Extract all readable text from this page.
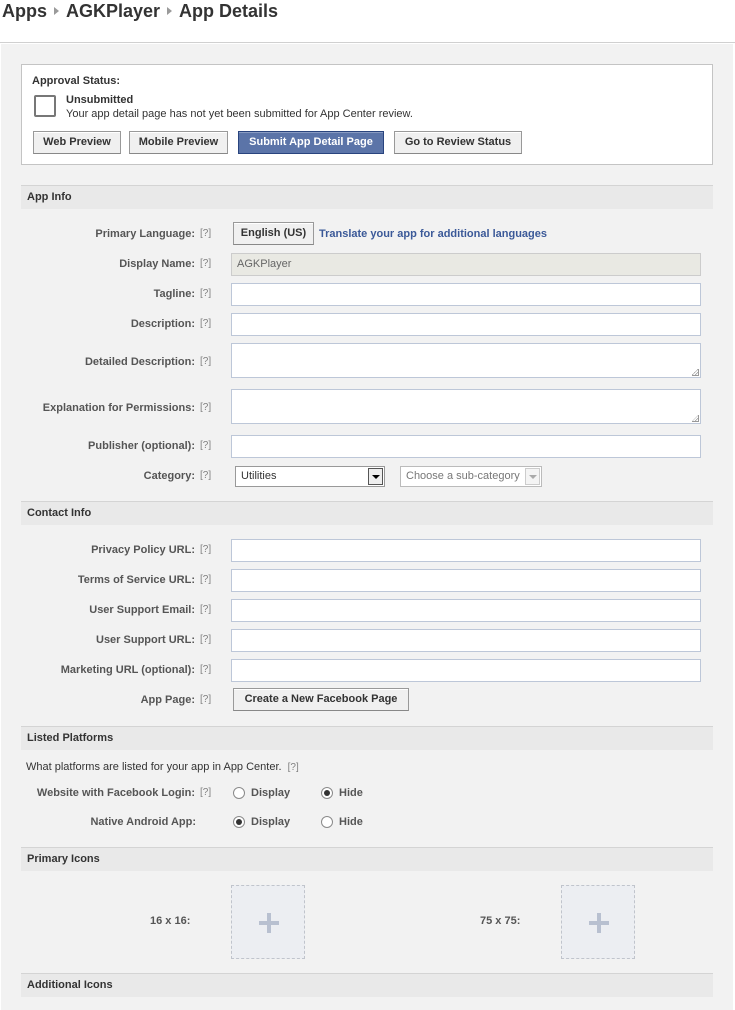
Apps AGKPlayer App Details
Approval Status:
Unsubmitted
Your app detail page has not yet been submitted for App Center review.
Web Preview	Mobile Preview	Submit App Detail Page	Go to Review Status
App Info
Primary Language: [?]	English (US)	Translate your app for additional languages
Display Name: [?]	AGKPlayer
Tagline: [?]
Description: [?]
Detailed Description: [?]
Explanation for Permissions: [?]
Publisher (optional): [?]
Category: [?]	Utilities	Choose a sub-category
Contact Info
Privacy Policy URL: [?]
Terms of Service URL: [?]
User Support Email: [?]
User Support URL: [?]
Marketing URL (optional): [?]
App Page: [?]	Create a New Facebook Page
Listed Platforms
What platforms are listed for your app in App Center. [?]
Website with Facebook Login: [?]	Display	Hide
Native Android App:	Display	Hide
Primary Icons
16 x 16:	75 x 75:
Additional Icons
